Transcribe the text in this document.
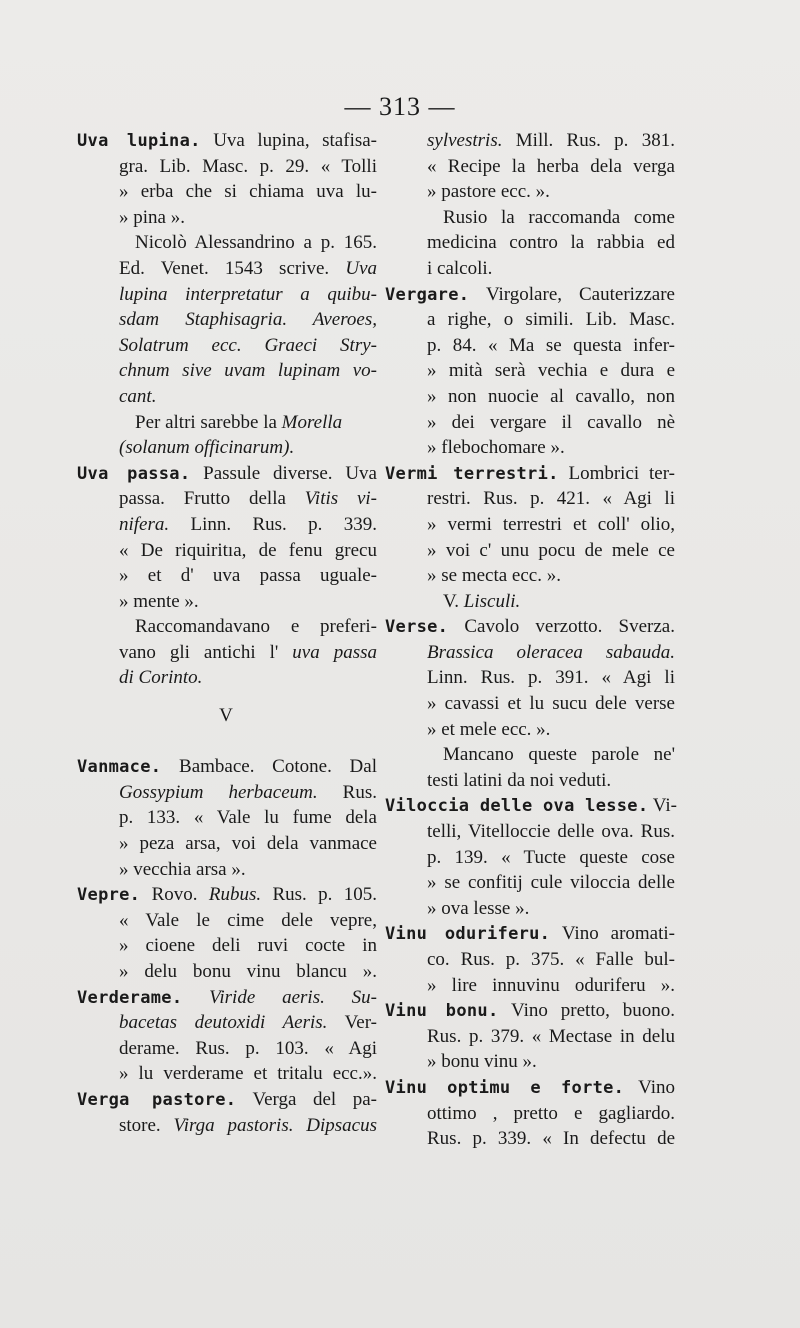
— 313 —
Uva lupina. Uva lupina, stafisa-
gra. Lib. Masc. p. 29. « Tolli
» erba che si chiama uva lu-
» pina ».
Nicolò Alessandrino a p. 165.
Ed. Venet. 1543 scrive. Uva
lupina interpretatur a quibu-
sdam Staphisagria. Averoes,
Solatrum ecc. Graeci Stry-
chnum sive uvam lupinam vo-
cant.
Per altri sarebbe la Morella
(solanum officinarum).
Uva passa. Passule diverse. Uva
passa. Frutto della Vitis vi-
nifera. Linn. Rus. p. 339.
« De riquiritıa, de fenu grecu
» et d' uva passa uguale-
» mente ».
Raccomandavano e preferi-
vano gli antichi l' uva passa
di Corinto.
V
Vanmace. Bambace. Cotone. Dal
Gossypium herbaceum. Rus.
p. 133. « Vale lu fume dela
» peza arsa, voi dela vanmace
» vecchia arsa ».
Vepre. Rovo. Rubus. Rus. p. 105.
« Vale le cime dele vepre,
» cioene deli ruvi cocte in
» delu bonu vinu blancu ».
Verderame. Viride aeris. Su-
bacetas deutoxidi Aeris. Ver-
derame. Rus. p. 103. « Agi
» lu verderame et tritalu ecc.».
Verga pastore. Verga del pa-
store. Virga pastoris. Dipsacus
sylvestris. Mill. Rus. p. 381.
« Recipe la herba dela verga
» pastore ecc. ».
Rusio la raccomanda come
medicina contro la rabbia ed
i calcoli.
Vergare. Virgolare, Cauterizzare
a righe, o simili. Lib. Masc.
p. 84. « Ma se questa infer-
» mità serà vechia e dura e
» non nuocie al cavallo, non
» dei vergare il cavallo nè
» flebochomare ».
Vermi terrestri. Lombrici ter-
restri. Rus. p. 421. « Agi li
» vermi terrestri et coll' olio,
» voi c' unu pocu de mele ce
» se mecta ecc. ».
V. Lisculi.
Verse. Cavolo verzotto. Sverza.
Brassica oleracea sabauda.
Linn. Rus. p. 391. « Agi li
» cavassi et lu sucu dele verse
» et mele ecc. ».
Mancano queste parole ne'
testi latini da noi veduti.
Viloccia delle ova lesse. Vi-
telli, Vitelloccie delle ova. Rus.
p. 139. « Tucte queste cose
» se confitij cule viloccia delle
» ova lesse ».
Vinu oduriferu. Vino aromati-
co. Rus. p. 375. « Falle bul-
» lire innuvinu oduriferu ».
Vinu bonu. Vino pretto, buono.
Rus. p. 379. « Mectase in delu
» bonu vinu ».
Vinu optimu e forte. Vino
ottimo , pretto e gagliardo.
Rus. p. 339. « In defectu de
